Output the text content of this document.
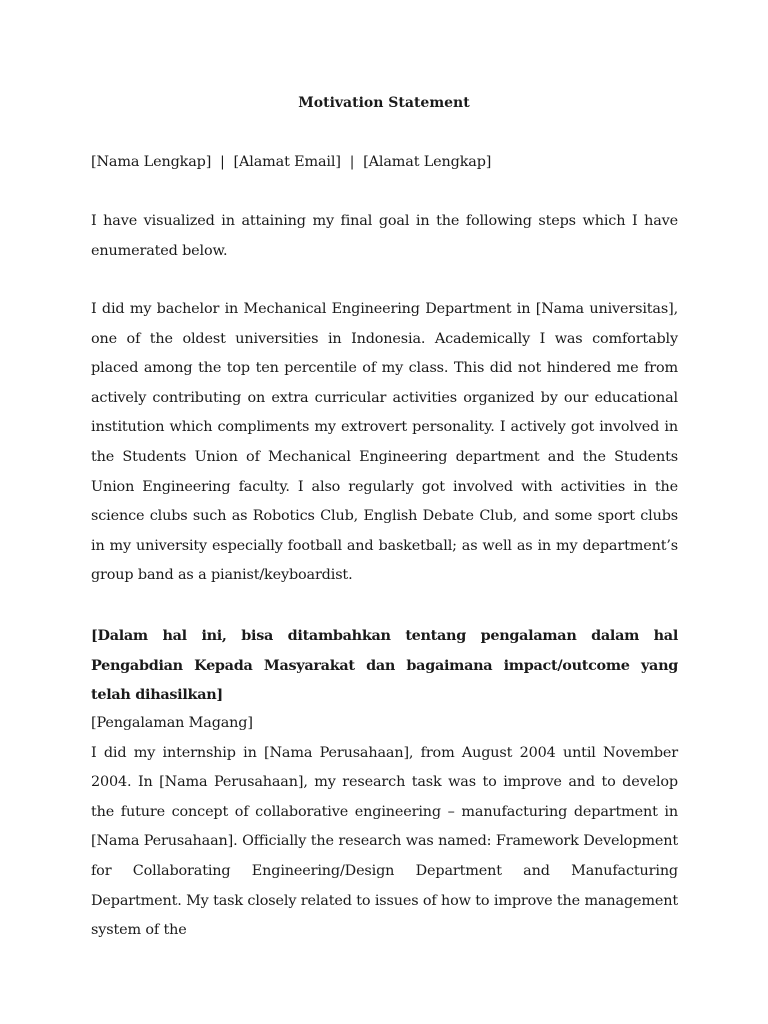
Motivation Statement

[Nama Lengkap]  |  [Alamat Email]  |  [Alamat Lengkap]

I have visualized in attaining my final goal in the following steps which I have enumerated below.

I did my bachelor in Mechanical Engineering Department in [Nama universitas], one of the oldest universities in Indonesia. Academically I was comfortably placed among the top ten percentile of my class. This did not hindered me from actively contributing on extra curricular activities organized by our educational institution which compliments my extrovert personality. I actively got involved in the Students Union of Mechanical Engineering department and the Students Union Engineering faculty. I also regularly got involved with activities in the science clubs such as Robotics Club, English Debate Club, and some sport clubs in my university especially football and basketball; as well as in my department’s group band as a pianist/keyboardist.

[Dalam hal ini, bisa ditambahkan tentang pengalaman dalam hal Pengabdian Kepada Masyarakat dan bagaimana impact/outcome yang telah dihasilkan]

[Pengalaman Magang]
I did my internship in [Nama Perusahaan], from August 2004 until November 2004. In [Nama Perusahaan], my research task was to improve and to develop the future concept of collaborative engineering – manufacturing department in [Nama Perusahaan]. Officially the research was named: Framework Development for Collaborating Engineering/Design Department and Manufacturing Department. My task closely related to issues of how to improve the management system of the
